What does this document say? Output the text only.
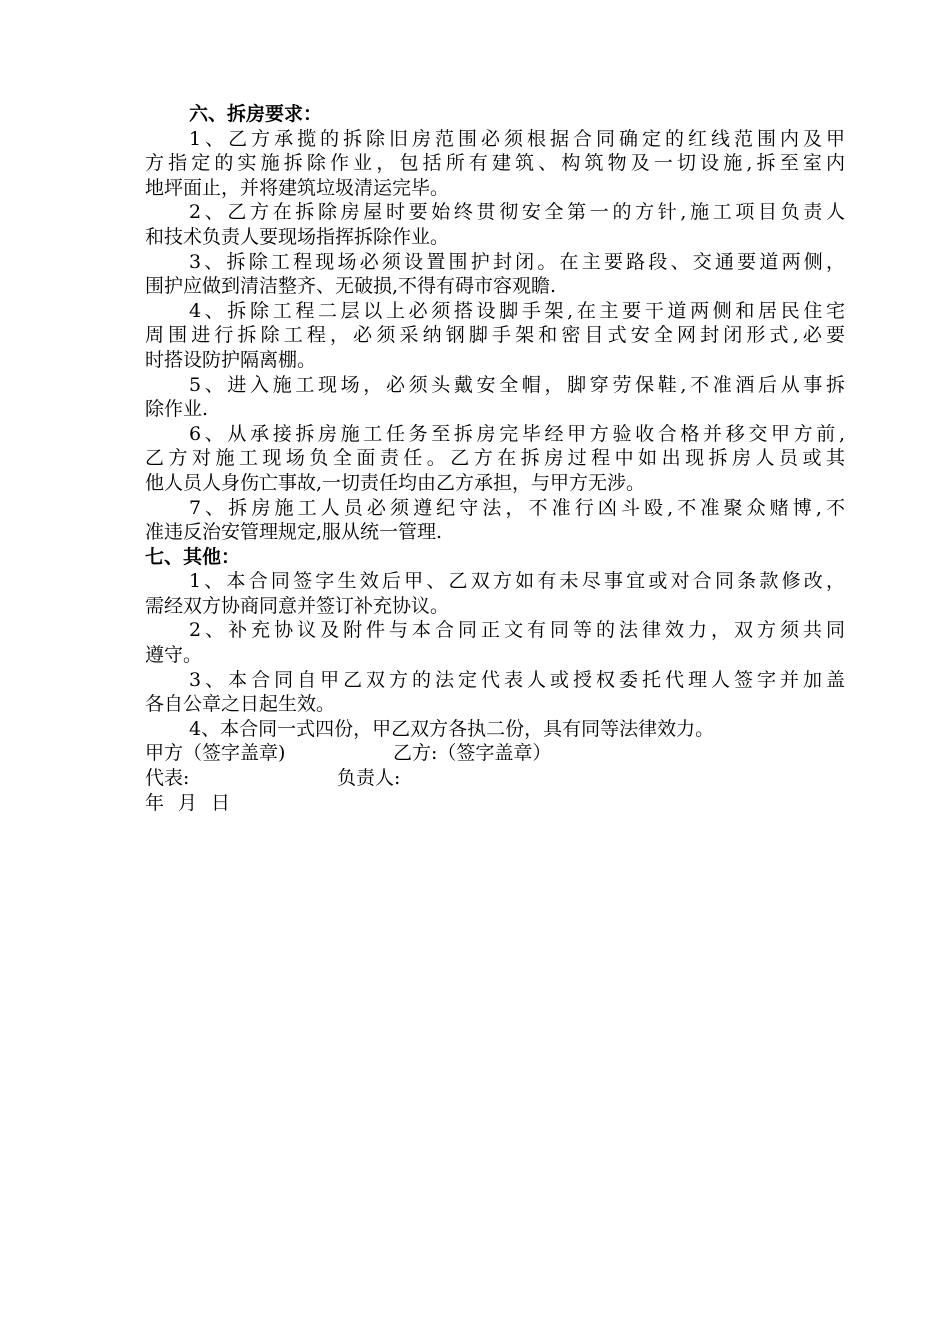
六、拆房要求：

1、乙方承揽的拆除旧房范围必须根据合同确定的红线范围内及甲

方指定的实施拆除作业，包括所有建筑、构筑物及一切设施,拆至室内

地坪面止，并将建筑垃圾清运完毕。

2、乙方在拆除房屋时要始终贯彻安全第一的方针,施工项目负责人

和技术负责人要现场指挥拆除作业。

3、拆除工程现场必须设置围护封闭。在主要路段、交通要道两侧，

围护应做到清洁整齐、无破损,不得有碍市容观瞻.

4、拆除工程二层以上必须搭设脚手架,在主要干道两侧和居民住宅

周围进行拆除工程，必须采纳钢脚手架和密目式安全网封闭形式,必要

时搭设防护隔离棚。

5、进入施工现场，必须头戴安全帽，脚穿劳保鞋,不准酒后从事拆

除作业.

6、从承接拆房施工任务至拆房完毕经甲方验收合格并移交甲方前,

乙方对施工现场负全面责任。乙方在拆房过程中如出现拆房人员或其

他人员人身伤亡事故,一切责任均由乙方承担，与甲方无涉。

7、拆房施工人员必须遵纪守法，不准行凶斗殴,不准聚众赌博,不

准违反治安管理规定,服从统一管理.

七、其他：

1、本合同签字生效后甲、乙双方如有未尽事宜或对合同条款修改，

需经双方协商同意并签订补充协议。

2、补充协议及附件与本合同正文有同等的法律效力，双方须共同

遵守。

3、本合同自甲乙双方的法定代表人或授权委托代理人签字并加盖

各自公章之日起生效。

4、本合同一式四份，甲乙双方各执二份，具有同等法律效力。

甲方（签字盖章)	乙方:（签字盖章）
代表:	负责人:
年 月 日
